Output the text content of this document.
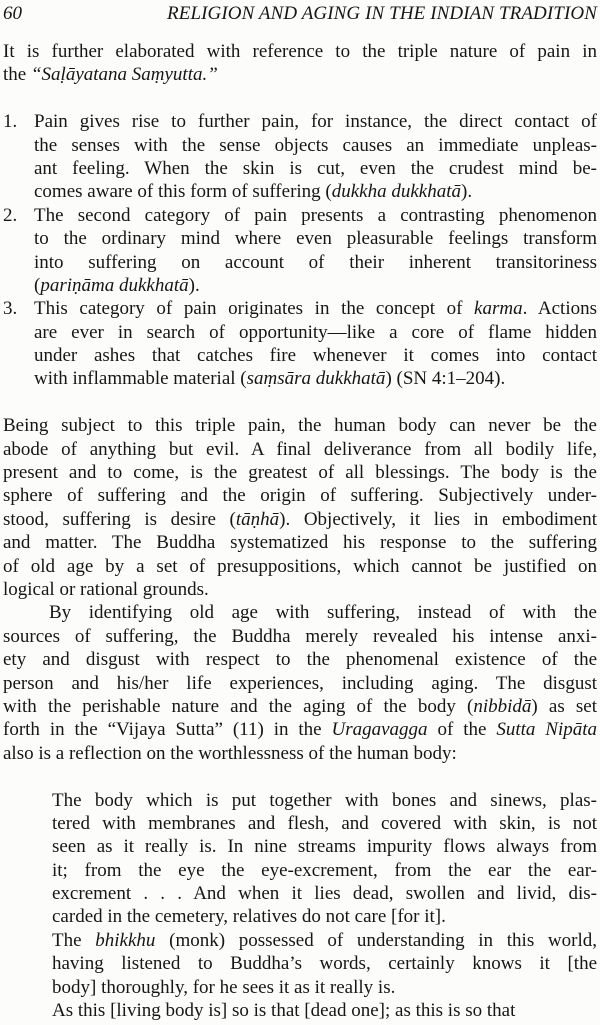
60	RELIGION AND AGING IN THE INDIAN TRADITION
It is further elaborated with reference to the triple nature of pain in
the “Saḷāyatana Saṃyutta.”
1. Pain gives rise to further pain, for instance, the direct contact of
the senses with the sense objects causes an immediate unpleas-
ant feeling. When the skin is cut, even the crudest mind be-
comes aware of this form of suffering (dukkha dukkhatā).
2. The second category of pain presents a contrasting phenomenon
to the ordinary mind where even pleasurable feelings transform
into suffering on account of their inherent transitoriness
(pariṇāma dukkhatā).
3. This category of pain originates in the concept of karma. Actions
are ever in search of opportunity—like a core of flame hidden
under ashes that catches fire whenever it comes into contact
with inflammable material (saṃsāra dukkhatā) (SN 4:1–204).
Being subject to this triple pain, the human body can never be the
abode of anything but evil. A final deliverance from all bodily life,
present and to come, is the greatest of all blessings. The body is the
sphere of suffering and the origin of suffering. Subjectively under-
stood, suffering is desire (tāṇhā). Objectively, it lies in embodiment
and matter. The Buddha systematized his response to the suffering
of old age by a set of presuppositions, which cannot be justified on
logical or rational grounds.
By identifying old age with suffering, instead of with the
sources of suffering, the Buddha merely revealed his intense anxi-
ety and disgust with respect to the phenomenal existence of the
person and his/her life experiences, including aging. The disgust
with the perishable nature and the aging of the body (nibbidā) as set
forth in the “Vijaya Sutta” (11) in the Uragavagga of the Sutta Nipāta
also is a reflection on the worthlessness of the human body:
The body which is put together with bones and sinews, plas-
tered with membranes and flesh, and covered with skin, is not
seen as it really is. In nine streams impurity flows always from
it; from the eye the eye-excrement, from the ear the ear-
excrement . . . And when it lies dead, swollen and livid, dis-
carded in the cemetery, relatives do not care [for it].
The bhikkhu (monk) possessed of understanding in this world,
having listened to Buddha’s words, certainly knows it [the
body] thoroughly, for he sees it as it really is.
As this [living body is] so is that [dead one]; as this is so that
